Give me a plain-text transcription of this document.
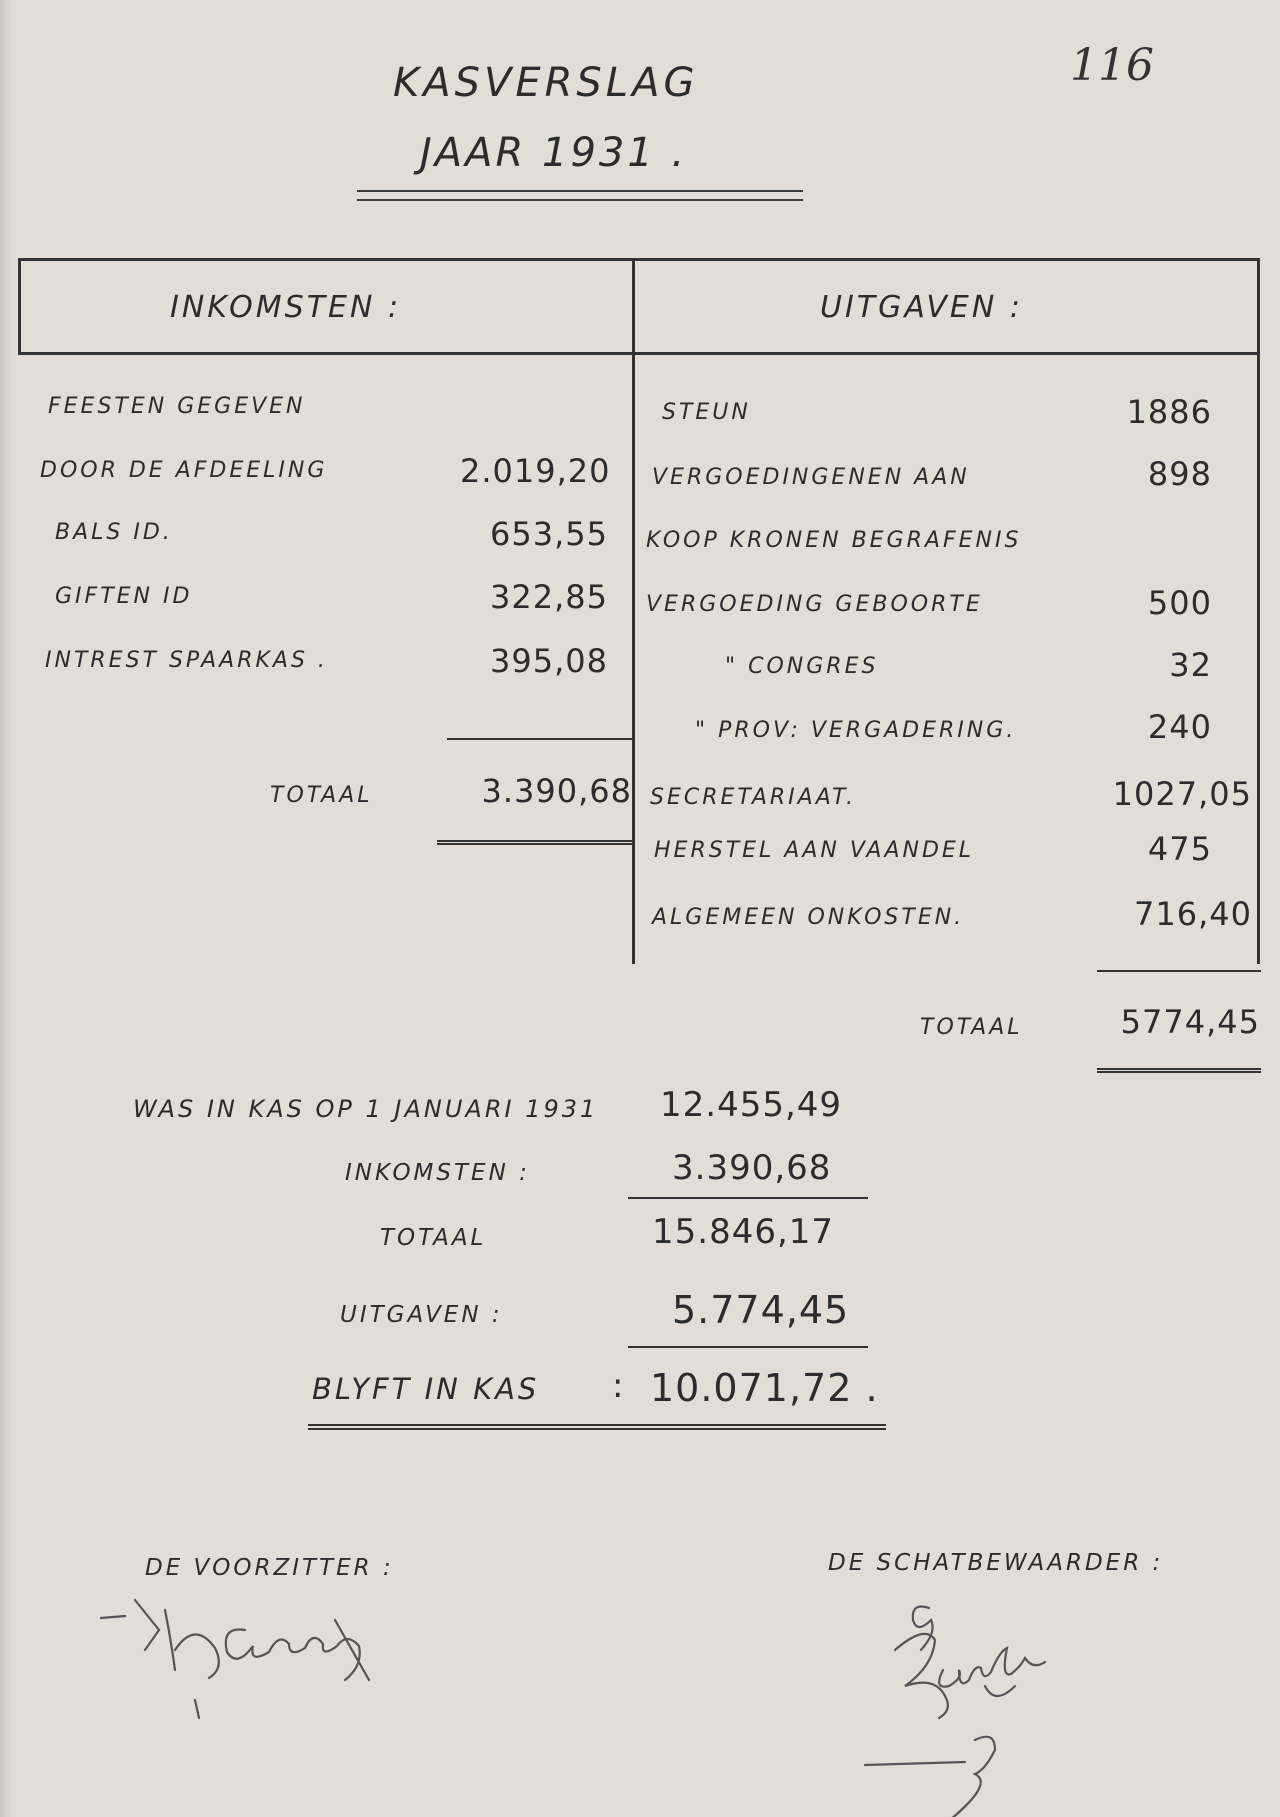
KASVERSLAG
JAAR 1931 .
116
INKOMSTEN :	UITGAVEN :
FEESTEN GEGEVEN
DOOR DE AFDEELING	2.019,20
BALS ID.	653,55
GIFTEN ID	322,85
INTREST SPAARKAS .	395,08
TOTAAL	3.390,68
STEUN	1886
VERGOEDINGENEN AAN	898
KOOP KRONEN BEGRAFENIS
VERGOEDING GEBOORTE	500
" CONGRES	32
" PROV: VERGADERING.	240
SECRETARIAAT.	1027,05
HERSTEL AAN VAANDEL	475
ALGEMEEN ONKOSTEN.	716,40
TOTAAL	5774,45
WAS IN KAS OP 1 JANUARI 1931 12.455,49
INKOMSTEN :	3.390,68
TOTAAL	15.846,17
UITGAVEN :	5.774,45
BLYFT IN KAS : 10.071,72 .
DE VOORZITTER :	DE SCHATBEWAARDER :
